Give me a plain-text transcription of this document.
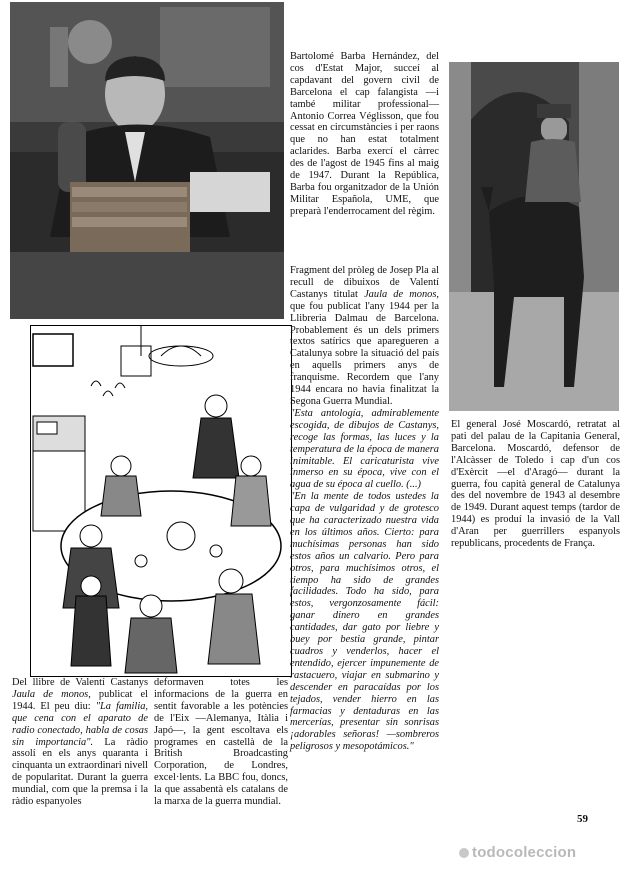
Bartolomé Barba Hernández, del cos d'Estat Major, succeí al capdavant del govern civil de Barcelona el cap falangista —i també militar professional— Antonio Correa Véglisson, que fou cessat en circumstàncies i per raons que no han estat totalment aclarides. Barba exercí el càrrec des de l'agost de 1945 fins al maig de 1947. Durant la República, Barba fou organitzador de la Unión Militar Española, UME, que preparà l'enderrocament del règim.

Fragment del pròleg de Josep Pla al recull de dibuixos de Valentí Castanys titulat Jaula de monos, que fou publicat l'any 1944 per la Llibreria Dalmau de Barcelona. Probablement és un dels primers textos satírics que aparegueren a Catalunya sobre la situació del país en aquells primers anys de franquisme. Recordem que l'any 1944 encara no havia finalitzat la Segona Guerra Mundial.

"Esta antología, admirablemente escogida, de dibujos de Castanys, recoge las formas, las luces y la temperatura de la época de manera inimitable. El caricaturista vive inmerso en su época, vive con el agua de su época al cuello. (...)

"En la mente de todos ustedes la capa de vulgaridad y de grotesco que ha caracterizado nuestra vida en los últimos años. Cierto: para muchísimas personas han sido estos años un calvario. Pero para otros, para muchísimos otros, el tiempo ha sido de grandes facilidades. Todo ha sido, para estos, vergonzosamente fácil: ganar dinero en grandes cantidades, dar gato por liebre y buey por bestia grande, pintar cuadros y venderlos, hacer el entendido, ejercer impunemente de rastacuero, viajar en submarino y descender en paracaídas por los tejados, vender hierro en las farmacias y dentaduras en las mercerías, presentar sin sonrisas ¡adorables señoras! —sombreros peligrosos y mesopotámicos."

El general José Moscardó, retratat al pati del palau de la Capitania General, Barcelona. Moscardó, defensor de l'Alcàsser de Toledo i cap d'un cos d'Exèrcit —el d'Aragó— durant la guerra, fou capità general de Catalunya des del novembre de 1943 al desembre de 1949. Durant aquest temps (tardor de 1944) es produí la invasió de la Vall d'Aran per guerrillers espanyols republicans, procedents de França.

Del llibre de Valentí Castanys Jaula de monos, publicat el 1944. El peu diu: "La familia, que cena con el aparato de radio conectado, habla de cosas sin importancia". La ràdio assolí en els anys quaranta i cinquanta un extraordinari nivell de popularitat. Durant la guerra mundial, com que la premsa i la ràdio espanyoles

deformaven totes les informacions de la guerra en sentit favorable a les potències de l'Eix —Alemanya, Itàlia i Japó—, la gent escoltava els programes en castellà de la British Broadcasting Corporation, de Londres, excel·lents. La BBC fou, doncs, la que assabentà els catalans de la marxa de la guerra mundial.

59
todocoleccion
